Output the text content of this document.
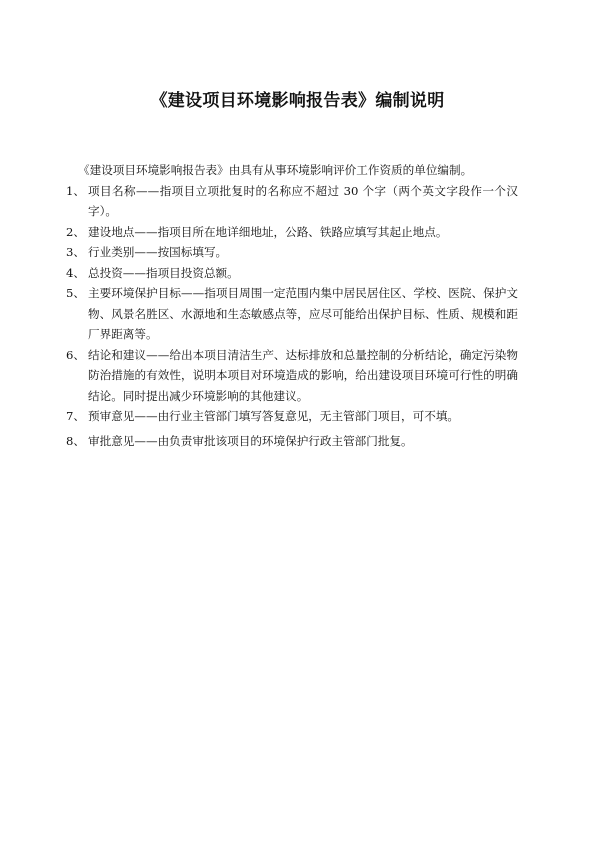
《建设项目环境影响报告表》编制说明
《建设项目环境影响报告表》由具有从事环境影响评价工作资质的单位编制。
1、 项目名称——指项目立项批复时的名称应不超过 30 个字（两个英文字段作一个汉字）。
2、 建设地点——指项目所在地详细地址，公路、铁路应填写其起止地点。
3、 行业类别——按国标填写。
4、 总投资——指项目投资总额。
5、 主要环境保护目标——指项目周围一定范围内集中居民居住区、学校、医院、保护文物、风景名胜区、水源地和生态敏感点等，应尽可能给出保护目标、性质、规模和距厂界距离等。
6、 结论和建议——给出本项目清洁生产、达标排放和总量控制的分析结论，确定污染物防治措施的有效性，说明本项目对环境造成的影响，给出建设项目环境可行性的明确结论。同时提出减少环境影响的其他建议。
7、 预审意见——由行业主管部门填写答复意见，无主管部门项目，可不填。
8、 审批意见——由负责审批该项目的环境保护行政主管部门批复。
